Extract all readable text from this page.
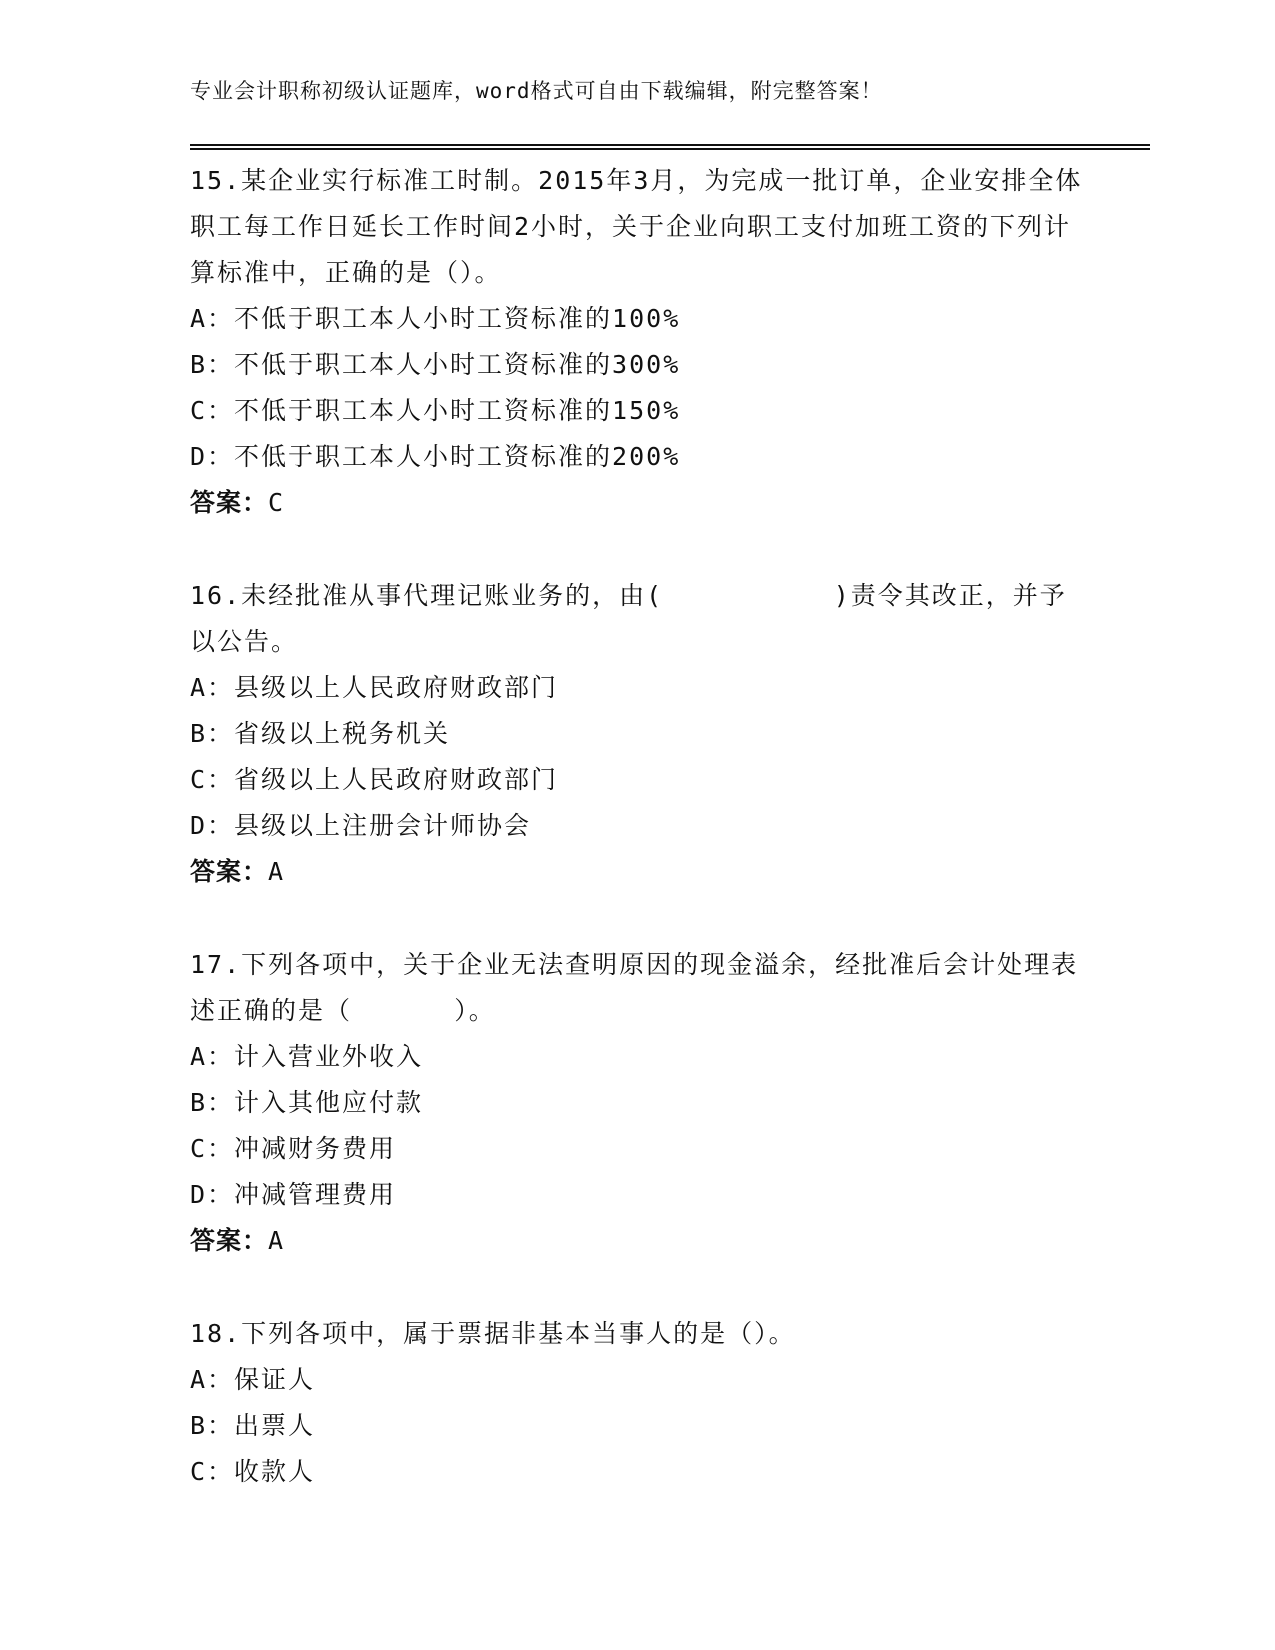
专业会计职称初级认证题库，word格式可自由下载编辑，附完整答案！

15.某企业实行标准工时制。2015年3月，为完成一批订单，企业安排全体职工每工作日延长工作时间2小时，关于企业向职工支付加班工资的下列计算标准中，正确的是（）。

A：不低于职工本人小时工资标准的100%

B：不低于职工本人小时工资标准的300%

C：不低于职工本人小时工资标准的150%

D：不低于职工本人小时工资标准的200%

答案：C

16.未经批准从事代理记账业务的，由(          )责令其改正，并予以公告。

A：县级以上人民政府财政部门

B：省级以上税务机关

C：省级以上人民政府财政部门

D：县级以上注册会计师协会

答案：A

17.下列各项中，关于企业无法查明原因的现金溢余，经批准后会计处理表述正确的是（      ）。

A：计入营业外收入

B：计入其他应付款

C：冲减财务费用

D：冲减管理费用

答案：A

18.下列各项中，属于票据非基本当事人的是（）。

A：保证人

B：出票人

C：收款人
